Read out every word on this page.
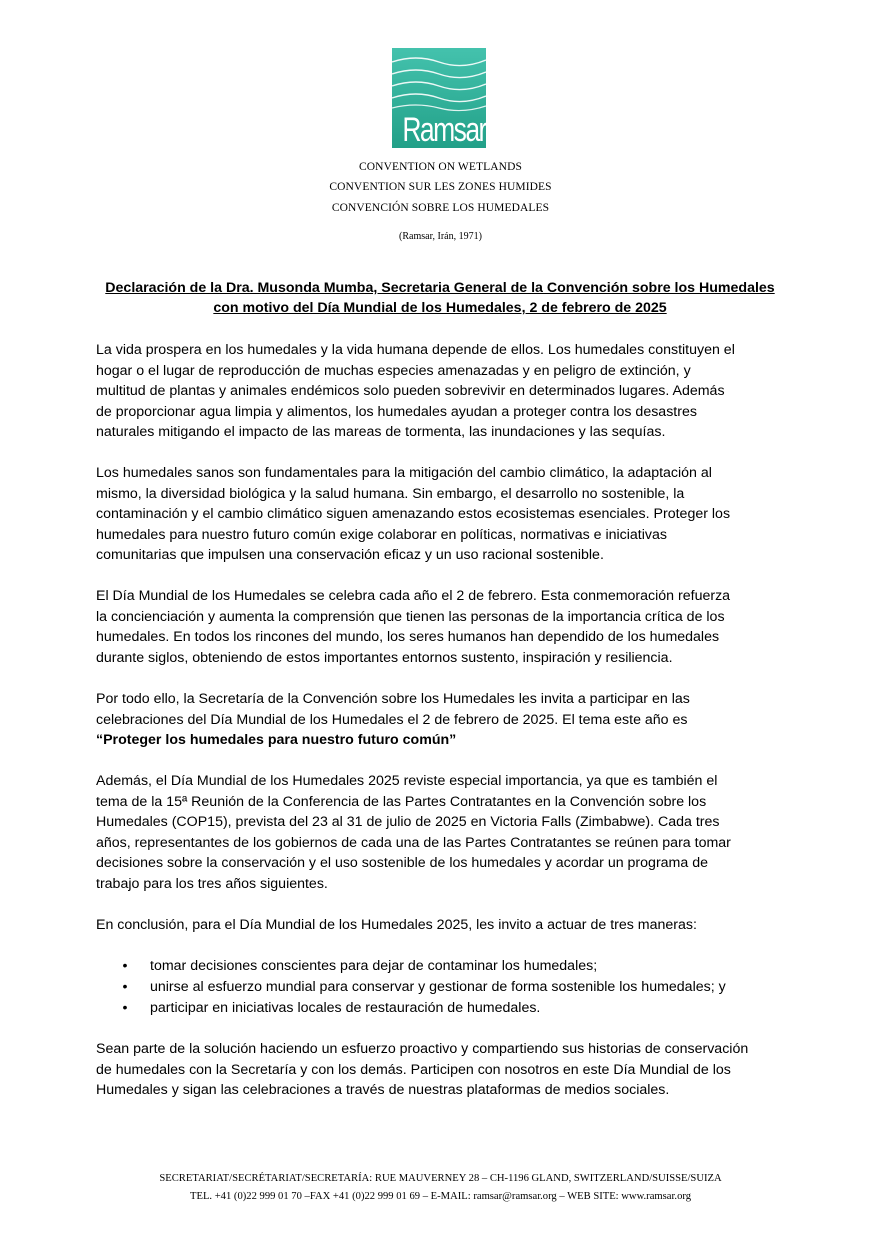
Ramsar
CONVENTION ON WETLANDS
CONVENTION SUR LES ZONES HUMIDES
CONVENCIÓN SOBRE LOS HUMEDALES
(Ramsar, Irán, 1971)
Declaración de la Dra. Musonda Mumba, Secretaria General de la Convención sobre los Humedales
con motivo del Día Mundial de los Humedales, 2 de febrero de 2025
La vida prospera en los humedales y la vida humana depende de ellos. Los humedales constituyen el
hogar o el lugar de reproducción de muchas especies amenazadas y en peligro de extinción, y
multitud de plantas y animales endémicos solo pueden sobrevivir en determinados lugares. Además
de proporcionar agua limpia y alimentos, los humedales ayudan a proteger contra los desastres
naturales mitigando el impacto de las mareas de tormenta, las inundaciones y las sequías.
Los humedales sanos son fundamentales para la mitigación del cambio climático, la adaptación al
mismo, la diversidad biológica y la salud humana. Sin embargo, el desarrollo no sostenible, la
contaminación y el cambio climático siguen amenazando estos ecosistemas esenciales. Proteger los
humedales para nuestro futuro común exige colaborar en políticas, normativas e iniciativas
comunitarias que impulsen una conservación eficaz y un uso racional sostenible.
El Día Mundial de los Humedales se celebra cada año el 2 de febrero. Esta conmemoración refuerza
la concienciación y aumenta la comprensión que tienen las personas de la importancia crítica de los
humedales. En todos los rincones del mundo, los seres humanos han dependido de los humedales
durante siglos, obteniendo de estos importantes entornos sustento, inspiración y resiliencia.
Por todo ello, la Secretaría de la Convención sobre los Humedales les invita a participar en las
celebraciones del Día Mundial de los Humedales el 2 de febrero de 2025. El tema este año es
“Proteger los humedales para nuestro futuro común”
Además, el Día Mundial de los Humedales 2025 reviste especial importancia, ya que es también el
tema de la 15ª Reunión de la Conferencia de las Partes Contratantes en la Convención sobre los
Humedales (COP15), prevista del 23 al 31 de julio de 2025 en Victoria Falls (Zimbabwe). Cada tres
años, representantes de los gobiernos de cada una de las Partes Contratantes se reúnen para tomar
decisiones sobre la conservación y el uso sostenible de los humedales y acordar un programa de
trabajo para los tres años siguientes.
En conclusión, para el Día Mundial de los Humedales 2025, les invito a actuar de tres maneras:
• tomar decisiones conscientes para dejar de contaminar los humedales;
• unirse al esfuerzo mundial para conservar y gestionar de forma sostenible los humedales; y
• participar en iniciativas locales de restauración de humedales.
Sean parte de la solución haciendo un esfuerzo proactivo y compartiendo sus historias de conservación
de humedales con la Secretaría y con los demás. Participen con nosotros en este Día Mundial de los
Humedales y sigan las celebraciones a través de nuestras plataformas de medios sociales.
SECRETARIAT/SECRÉTARIAT/SECRETARÍA: RUE MAUVERNEY 28 – CH-1196 GLAND, SWITZERLAND/SUISSE/SUIZA
TEL. +41 (0)22 999 01 70 –FAX +41 (0)22 999 01 69 – E-MAIL: ramsar@ramsar.org – WEB SITE: www.ramsar.org
